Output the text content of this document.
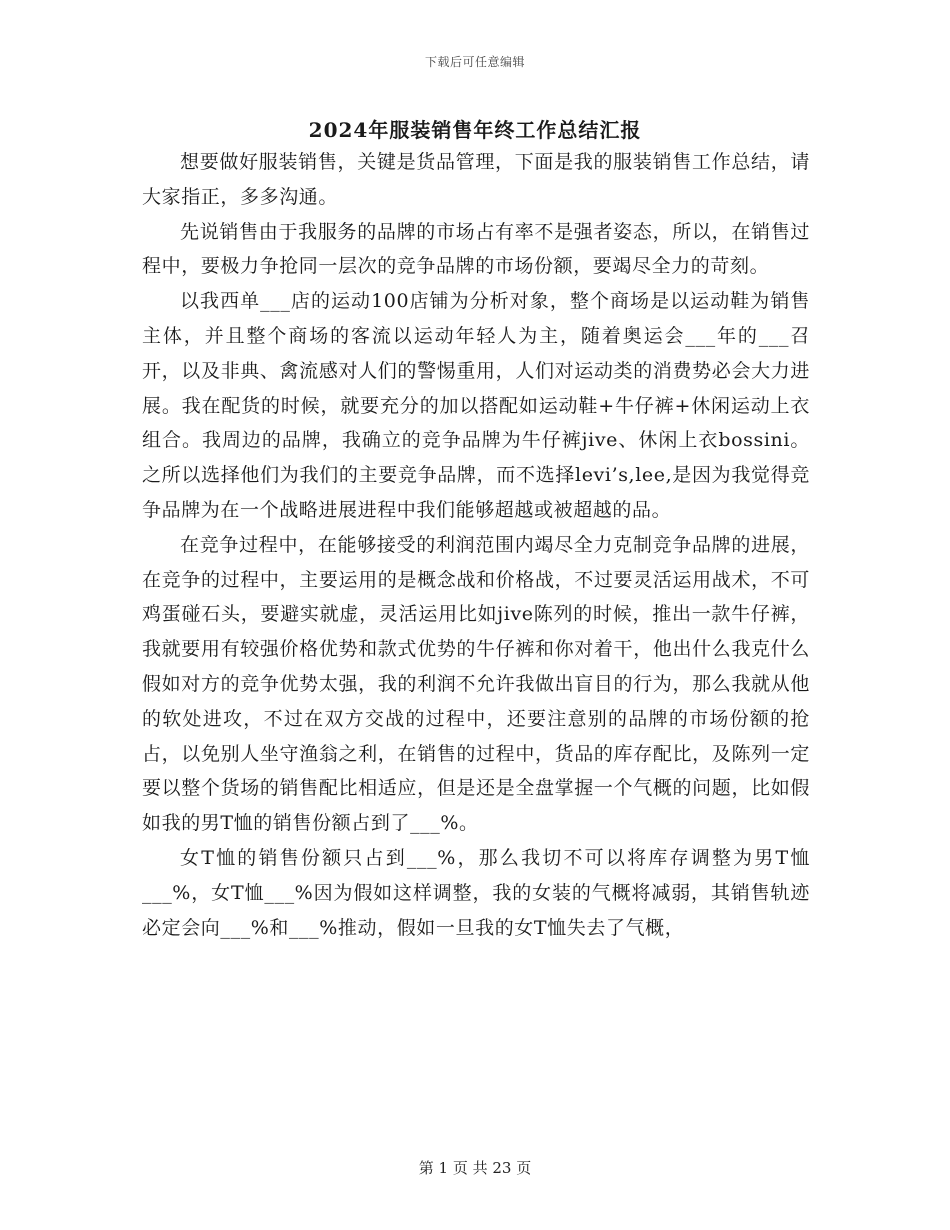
下载后可任意编辑
2024年服装销售年终工作总结汇报

想要做好服装销售，关键是货品管理，下面是我的服装销售工作总结，请大家指正，多多沟通。

先说销售由于我服务的品牌的市场占有率不是强者姿态，所以，在销售过程中，要极力争抢同一层次的竞争品牌的市场份额，要竭尽全力的苛刻。

以我西单___店的运动100店铺为分析对象，整个商场是以运动鞋为销售主体，并且整个商场的客流以运动年轻人为主，随着奥运会___年的___召开，以及非典、禽流感对人们的警惕重用，人们对运动类的消费势必会大力进展。我在配货的时候，就要充分的加以搭配如运动鞋+牛仔裤+休闲运动上衣组合。我周边的品牌，我确立的竞争品牌为牛仔裤jive、休闲上衣bossini。之所以选择他们为我们的主要竞争品牌，而不选择levi’s,lee,是因为我觉得竞争品牌为在一个战略进展进程中我们能够超越或被超越的品。

在竞争过程中，在能够接受的利润范围内竭尽全力克制竞争品牌的进展，在竞争的过程中，主要运用的是概念战和价格战，不过要灵活运用战术，不可鸡蛋碰石头，要避实就虚，灵活运用比如jive陈列的时候，推出一款牛仔裤，我就要用有较强价格优势和款式优势的牛仔裤和你对着干，他出什么我克什么假如对方的竞争优势太强，我的利润不允许我做出盲目的行为，那么我就从他的软处进攻，不过在双方交战的过程中，还要注意别的品牌的市场份额的抢占，以免别人坐守渔翁之利，在销售的过程中，货品的库存配比，及陈列一定要以整个货场的销售配比相适应，但是还是全盘掌握一个气概的问题，比如假如我的男T恤的销售份额占到了___%。

女T恤的销售份额只占到___%，那么我切不可以将库存调整为男T恤___%，女T恤___%因为假如这样调整，我的女装的气概将减弱，其销售轨迹必定会向___%和___%推动，假如一旦我的女T恤失去了气概，

第 1 页 共 23 页
